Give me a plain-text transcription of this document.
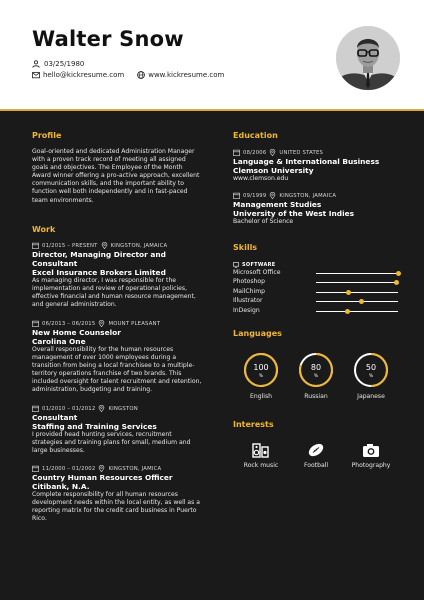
Walter Snow
03/25/1980
hello@kickresume.com	www.kickresume.com
Profile
Goal-oriented and dedicated Administration Manager with a proven track record of meeting all assigned goals and objectives. The Employee of the Month Award winner offering a pro-active approach, excellent communication skills, and the important ability to function well both independently and in fast-paced team environments.
Work
01/2015 – PRESENT KINGSTON, JAMAICA
Director, Managing Director and Consultant
Excel Insurance Brokers Limited
As managing director, I was responsible for the implementation and review of operational policies, effective financial and human resource management, and general administration.
06/2013 – 06/2015 MOUNT PLEASANT
New Home Counselor
Carolina One
Overall responsibility for the human resources management of over 1000 employees during a transition from being a local franchisee to a multiple-territory operations franchise of two brands. This included oversight for talent recruitment and retention, administration, budgeting and training.
01/2010 – 01/2012 KINGSTON
Consultant
Staffing and Training Services
I provided head hunting services, recruitment strategies and training plans for small, medium and large businesses.
11/2000 – 01/2002 KINGSTON, JAMICA
Country Human Resources Officer
Citibank, N.A.
Complete responsibility for all human resources development needs within the local entity, as well as a reporting matrix for the credit card business in Puerto Rico.
Education
08/2006 UNITED STATES
Language & International Business
Clemson University
www.clemson.edu
09/1999 KINGSTON, JAMAICA
Management Studies
University of the West Indies
Bachelor of Science
Skills
SOFTWARE
Microsoft Office
Photoshop
MailChimp
Illustrator
InDesign
Languages
100
%
English
80
%
Russian
50
%
Japanese
Interests
Rock music	Football	Photography
